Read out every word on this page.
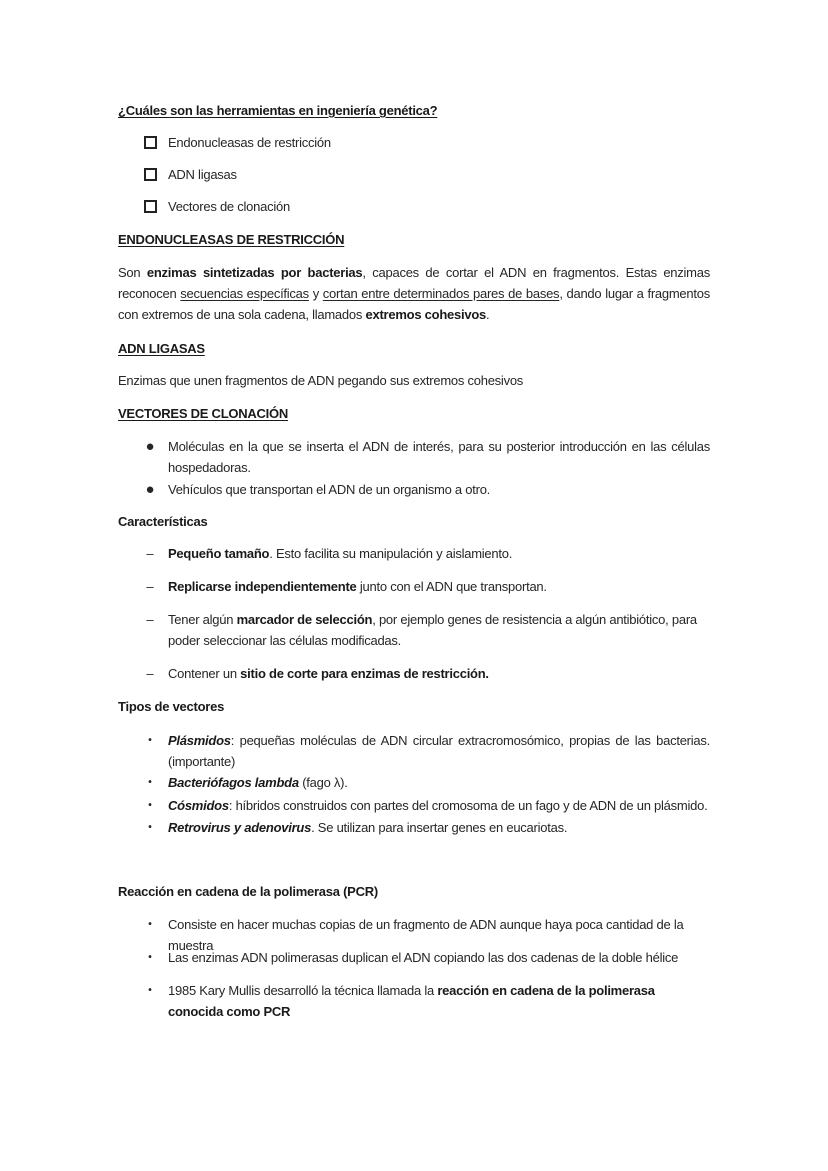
¿Cuáles son las herramientas en ingeniería genética?
Endonucleasas de restricción
ADN ligasas
Vectores de clonación
ENDONUCLEASAS DE RESTRICCIÓN
Son enzimas sintetizadas por bacterias, capaces de cortar el ADN en fragmentos. Estas enzimas reconocen secuencias específicas y cortan entre determinados pares de bases, dando lugar a fragmentos con extremos de una sola cadena, llamados extremos cohesivos.
ADN LIGASAS
Enzimas que unen fragmentos de ADN pegando sus extremos cohesivos
VECTORES DE CLONACIÓN
● Moléculas en la que se inserta el ADN de interés, para su posterior introducción en las células hospedadoras.
● Vehículos que transportan el ADN de un organismo a otro.
Características
–	Pequeño tamaño. Esto facilita su manipulación y aislamiento.
–	Replicarse independientemente junto con el ADN que transportan.
–	Tener algún marcador de selección, por ejemplo genes de resistencia a algún antibiótico, para poder seleccionar las células modificadas.
–	Contener un sitio de corte para enzimas de restricción.
Tipos de vectores
•	Plásmidos: pequeñas moléculas de ADN circular extracromosómico, propias de las bacterias. (importante)
•	Bacteriófagos lambda (fago λ).
•	Cósmidos: híbridos construidos con partes del cromosoma de un fago y de ADN de un plásmido.
•	Retrovirus y adenovirus. Se utilizan para insertar genes en eucariotas.
Reacción en cadena de la polimerasa (PCR)
•	Consiste en hacer muchas copias de un fragmento de ADN aunque haya poca cantidad de la muestra
•	Las enzimas ADN polimerasas duplican el ADN copiando las dos cadenas de la doble hélice
•	1985 Kary Mullis desarrolló la técnica llamada la reacción en cadena de la polimerasa conocida como PCR
